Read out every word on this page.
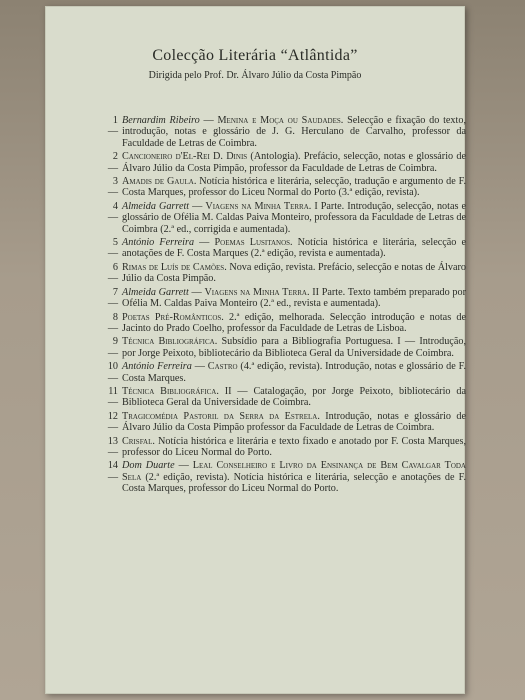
Colecção Literária “Atlântida”
Dirigida pelo Prof. Dr. Álvaro Júlio da Costa Pimpão
1 —
Bernardim Ribeiro — Menina e Moça ou Saudades. Selecção e fixação do texto, introdução, notas e glossário de J. G. Herculano de Carvalho, professor da Faculdade de Letras de Coimbra.
2 —
Cancioneiro d'El-Rei D. Dinis (Antologia). Prefácio, selecção, notas e glossário de Álvaro Júlio da Costa Pimpão, professor da Faculdade de Letras de Coimbra.
3 —
Amadis de Gaula. Notícia histórica e literária, selecção, tradução e argumento de F. Costa Marques, professor do Liceu Normal do Porto (3.ª edição, revista).
4 —
Almeida Garrett — Viagens na Minha Terra. I Parte. Introdução, selecção, notas e glossário de Ofélia M. Caldas Paiva Monteiro, professora da Faculdade de Letras de Coimbra (2.ª ed., corrigida e aumentada).
5 —
António Ferreira — Poemas Lusitanos. Notícia histórica e literária, selecção e anotações de F. Costa Marques (2.ª edição, revista e aumentada).
6 —
Rimas de Luís de Camões. Nova edição, revista. Prefácio, selecção e notas de Álvaro Júlio da Costa Pimpão.
7 —
Almeida Garrett — Viagens na Minha Terra. II Parte. Texto também preparado por Ofélia M. Caldas Paiva Monteiro (2.ª ed., revista e aumentada).
8 —
Poetas Pré-Românticos. 2.ª edição, melhorada. Selecção introdução e notas de Jacinto do Prado Coelho, professor da Faculdade de Letras de Lisboa.
9 —
Técnica Bibliográfica. Subsídio para a Bibliografia Portuguesa. I — Introdução, por Jorge Peixoto, bibliotecário da Biblioteca Geral da Universidade de Coimbra.
10 —
António Ferreira — Castro (4.ª edição, revista). Introdução, notas e glossário de F. Costa Marques.
11 —
Técnica Bibliográfica. II — Catalogação, por Jorge Peixoto, bibliotecário da Biblioteca Geral da Universidade de Coimbra.
12 —
Tragicomédia Pastoril da Serra da Estrela. Introdução, notas e glossário de Álvaro Júlio da Costa Pimpão professor da Faculdade de Letras de Coimbra.
13 —
Crisfal. Notícia histórica e literária e texto fixado e anotado por F. Costa Marques, professor do Liceu Normal do Porto.
14 —
Dom Duarte — Leal Conselheiro e Livro da Ensinança de Bem Cavalgar Toda Sela (2.ª edição, revista). Notícia histórica e literária, selecção e anotações de F. Costa Marques, professor do Liceu Normal do Porto.
